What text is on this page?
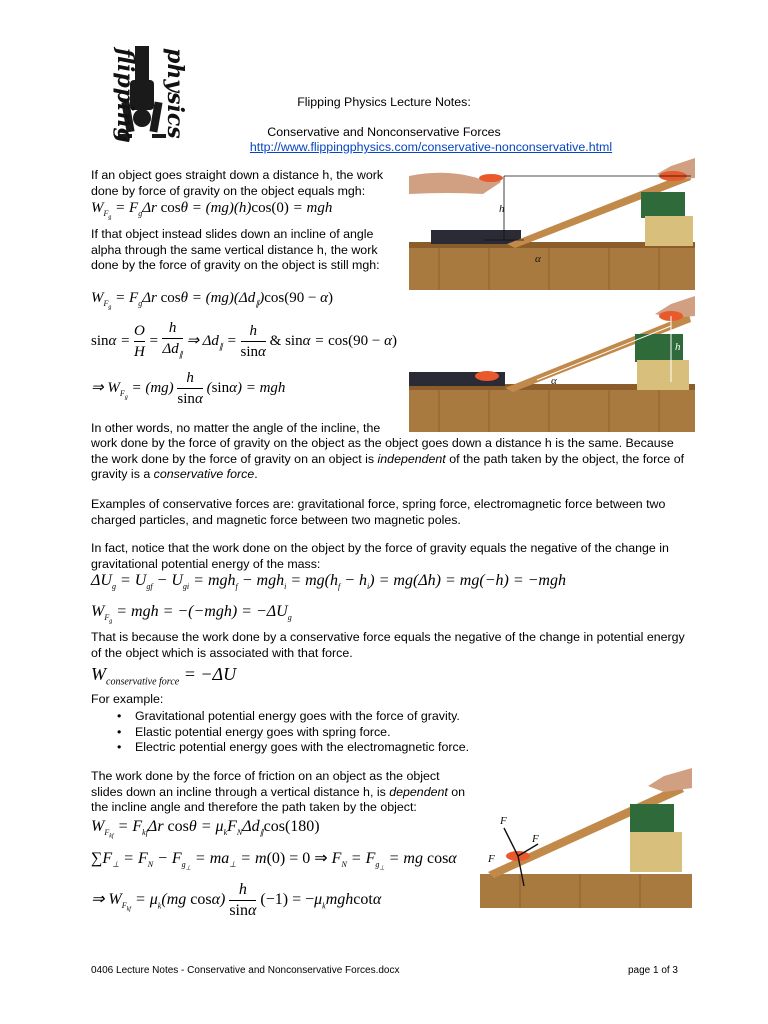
flipping physics	Flipping Physics Lecture Notes:
Conservative and Nonconservative Forces
http://www.flippingphysics.com/conservative-nonconservative.html
If an object goes straight down a distance h, the work done by force of gravity on the object equals mgh:
$W_{F_g} = F_g\Delta r$ cosθ = (mg)(h)cos(0) = mgh
If that object instead slides down an incline of angle alpha through the same vertical distance h, the work done by the force of gravity on the object is still mgh:
$W_{F_g} = F_g\Delta r$ $\cos\theta = (mg)(\Delta d_\parallel)\cos(90 - \alpha)$
$\sin\alpha = \frac{O}{H} = \frac{h}{\Delta d_\parallel}$ ⇒ $\Delta d_\parallel = \frac{h}{\sin\alpha}$ & sinα = cos(90 − α)
⇒ $W_{F_g} = (mg) \frac{h}{\sin\alpha} (\sin\alpha)$ = mgh
In other words, no matter the angle of the incline, the
work done by the force of gravity on the object as the object goes down a distance h is the same. Because the work done by the force of gravity on an object is independent of the path taken by the object, the force of gravity is a conservative force.
Examples of conservative forces are: gravitational force, spring force, electromagnetic force between two charged particles, and magnetic force between two magnetic poles.
In fact, notice that the work done on the object by the force of gravity equals the negative of the change in gravitational potential energy of the mass:
$\Delta U_g = U_{gf} - U_{gi} = mgh_f - mgh_i = mg(h_f - h_i) = mg(\Delta h) = mg(-h) = -mgh$
$W_{F_g}$ = mgh = $-(-mgh) = -\Delta U_g$
That is because the work done by a conservative force equals the negative of the change in potential energy of the object which is associated with that force.
$W_{conservative force} = -\Delta U$
For example:
• Gravitational potential energy goes with the force of gravity.
• Elastic potential energy goes with spring force.
• Electric potential energy goes with the electromagnetic force.
The work done by the force of friction on an object as the object slides down an incline through a vertical distance h, is dependent on the incline angle and therefore the path taken by the object:
$W_{F_{kf}} = F_{kf}\Delta r$ $\cos\theta = \mu_kF_N\Delta d_\parallel\cos(180)$
$\sum F_\perp = F_N - F_{g_\perp} = ma_\perp = m(0) = 0$ ⇒ $F_N = F_{g_\perp}$ = mg cosα
⇒ $W_{F_{kf}} = \mu_k(mg$ $\cos\alpha) \frac{h}{\sin\alpha} (-1) = -\mu_kmghcot\alpha$
h
α
Δd	h
α
F
F
F
0406 Lecture Notes - Conservative and Nonconservative Forces.docx	page 1 of 3
